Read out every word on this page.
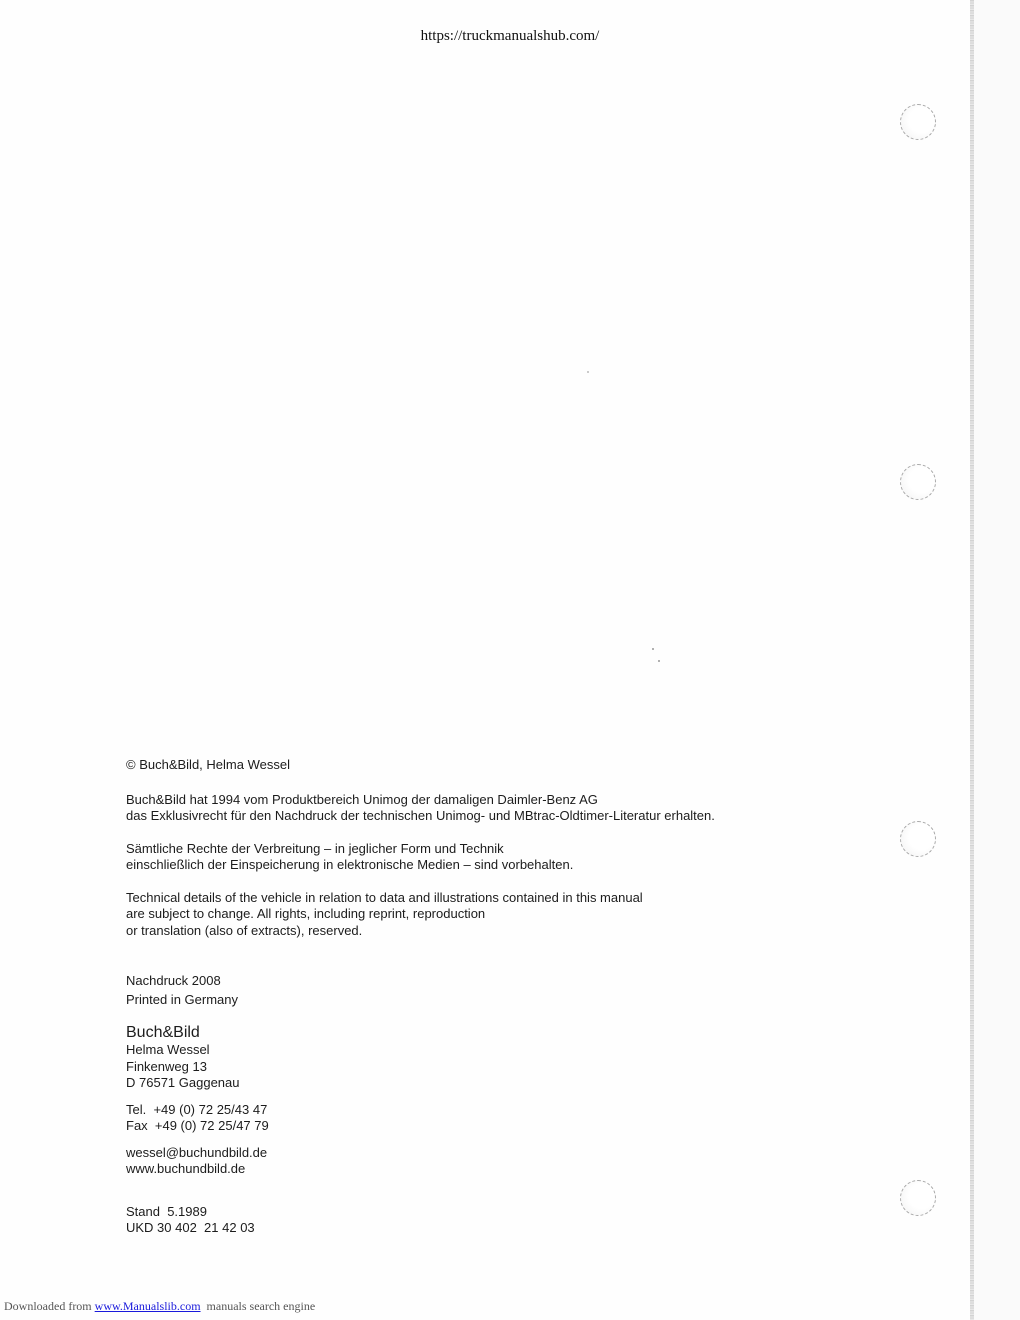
https://truckmanualshub.com/

© Buch&Bild, Helma Wessel

Buch&Bild hat 1994 vom Produktbereich Unimog der damaligen Daimler-Benz AG

das Exklusivrecht für den Nachdruck der technischen Unimog- und MBtrac-Oldtimer-Literatur erhalten.

Sämtliche Rechte der Verbreitung – in jeglicher Form und Technik

einschließlich der Einspeicherung in elektronische Medien – sind vorbehalten.

Technical details of the vehicle in relation to data and illustrations contained in this manual

are subject to change. All rights, including reprint, reproduction

or translation (also of extracts), reserved.

Nachdruck 2008

Printed in Germany

Buch&Bild

Helma Wessel

Finkenweg 13

D 76571 Gaggenau

Tel.  +49 (0) 72 25/43 47

Fax  +49 (0) 72 25/47 79

wessel@buchundbild.de

www.buchundbild.de

Stand  5.1989

UKD 30 402  21 42 03

Downloaded from www.Manualslib.com  manuals search engine
